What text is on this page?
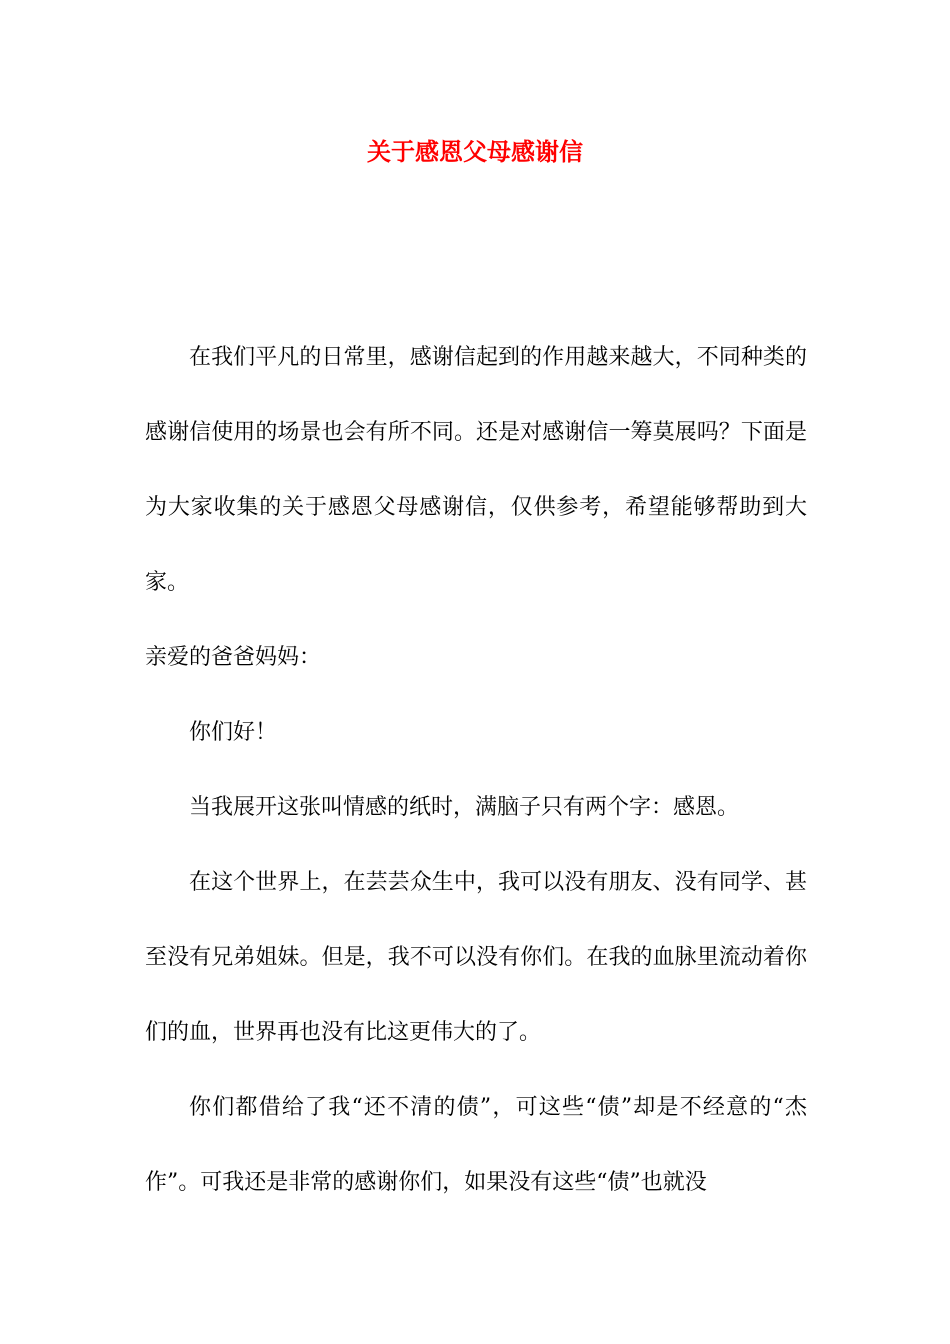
关于感恩父母感谢信

在我们平凡的日常里，感谢信起到的作用越来越大，不同种类的感谢信使用的场景也会有所不同。还是对感谢信一筹莫展吗？下面是为大家收集的关于感恩父母感谢信，仅供参考，希望能够帮助到大家。

亲爱的爸爸妈妈：

你们好！

当我展开这张叫情感的纸时，满脑子只有两个字：感恩。

在这个世界上，在芸芸众生中，我可以没有朋友、没有同学、甚至没有兄弟姐妹。但是，我不可以没有你们。在我的血脉里流动着你们的血，世界再也没有比这更伟大的了。

你们都借给了我“还不清的债”，可这些“债”却是不经意的“杰作”。可我还是非常的感谢你们，如果没有这些“债”也就没
